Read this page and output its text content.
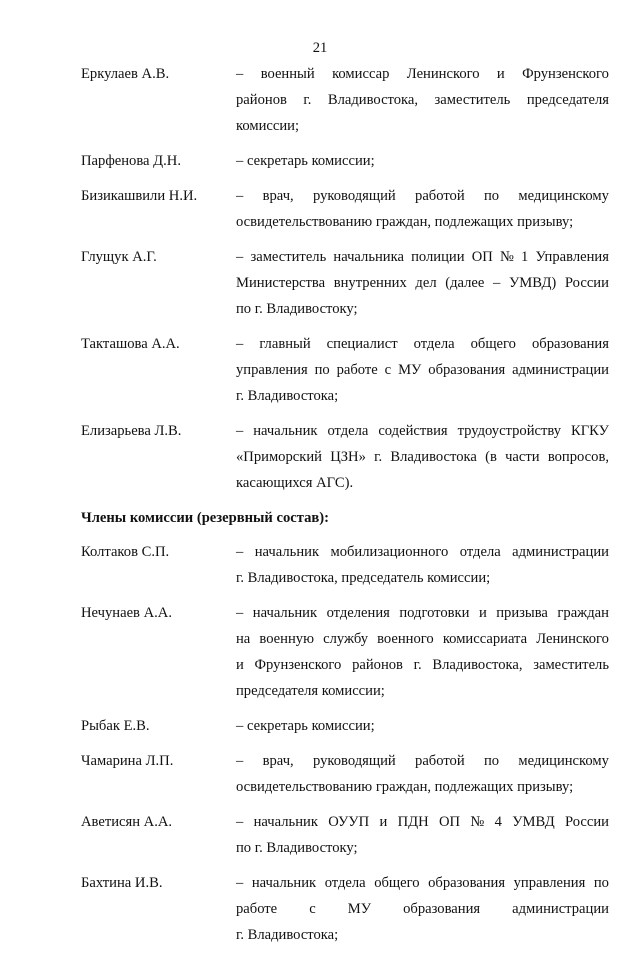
21
Еркулаев А.В.	– военный комиссар Ленинского и Фрунзенского
районов г. Владивостока, заместитель председателя
комиссии;
Парфенова Д.Н.	– секретарь комиссии;
Бизикашвили Н.И.	– врач, руководящий работой по медицинскому
освидетельствованию граждан, подлежащих призыву;
Глущук А.Г.	– заместитель начальника полиции ОП № 1 Управления
Министерства внутренних дел (далее – УМВД) России
по г. Владивостоку;
Такташова А.А.	– главный специалист отдела общего образования
управления по работе с МУ образования администрации
г. Владивостока;
Елизарьева Л.В.	– начальник отдела содействия трудоустройству КГКУ
«Приморский ЦЗН» г. Владивостока (в части вопросов,
касающихся АГС).
Члены комиссии (резервный состав):
Колтаков С.П.	– начальник мобилизационного отдела администрации
г. Владивостока, председатель комиссии;
Нечунаев А.А.	– начальник отделения подготовки и призыва граждан
на военную службу военного комиссариата Ленинского
и Фрунзенского районов г. Владивостока, заместитель
председателя комиссии;
Рыбак Е.В.	– секретарь комиссии;
Чамарина Л.П.	– врач, руководящий работой по медицинскому
освидетельствованию граждан, подлежащих призыву;
Аветисян А.А.	– начальник ОУУП и ПДН ОП № 4 УМВД России
по г. Владивостоку;
Бахтина И.В.	– начальник отдела общего образования управления по
работе с МУ образования администрации
г. Владивостока;
